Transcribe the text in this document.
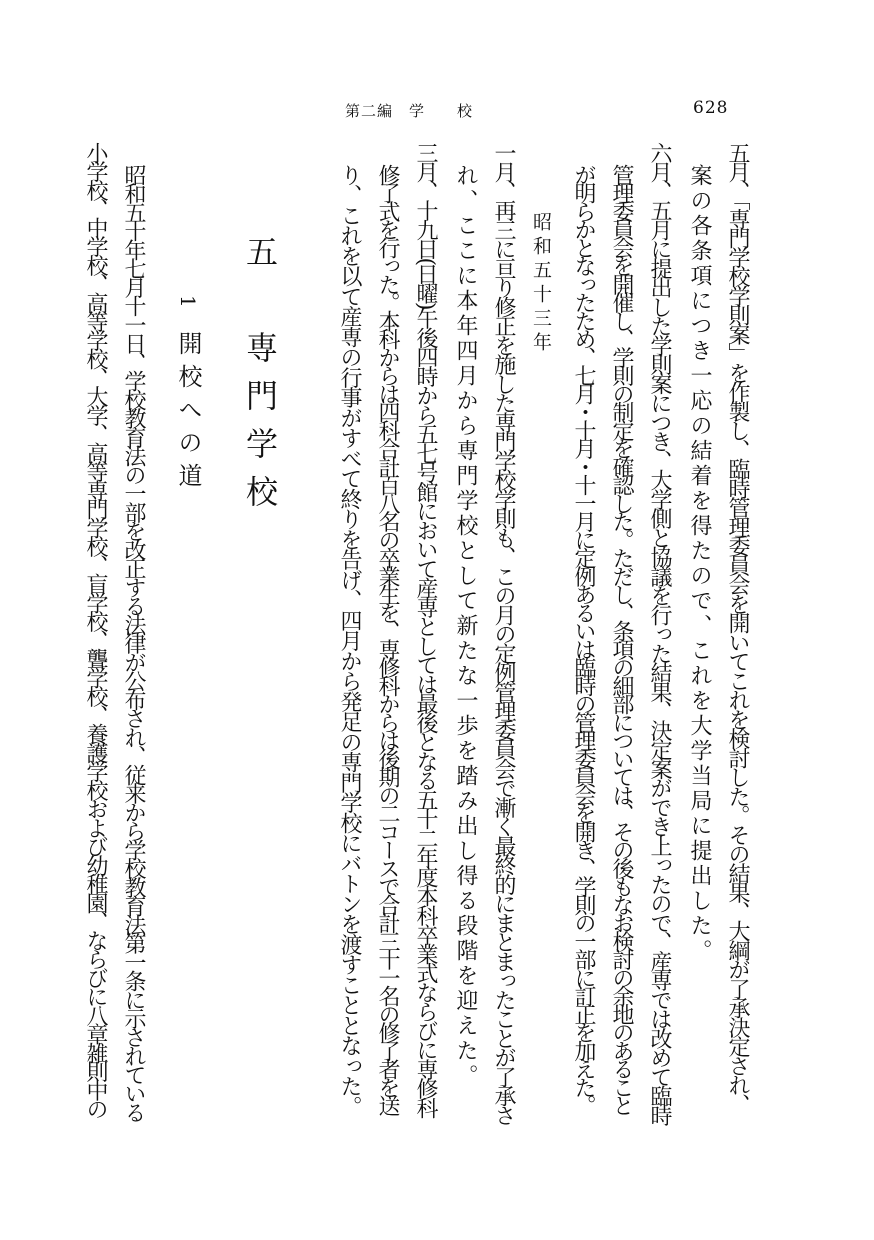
第二編　学　　校	628
五月、「専門学校学則案」を作製し、臨時管理委員会を開いてこれを検討した。その結果、大綱が了承決定され、
案の各条項につき一応の結着を得たので、これを大学当局に提出した。
六月、五月に提出した学則案につき、大学側と協議を行った結果、決定案ができ上ったので、産専では改めて臨時
管理委員会を開催し、学則の制定を確認した。ただし、条項の細部については、その後もなお検討の余地のあること
が明らかとなったため、七月・十月・十一月に定例あるいは臨時の管理委員会を開き、学則の一部に訂正を加えた。
昭和五十三年
一月、再三に亘り修正を施した専門学校学則も、この月の定例管理委員会で漸く最終的にまとまったことが了承さ
れ、ここに本年四月から専門学校として新たな一歩を踏み出し得る段階を迎えた。
三月、十九日(日曜)午後四時から五七号館において産専としては最後となる五十二年度本科卒業式ならびに専修科
修了式を行った。本科からは四科合計百八名の卒業生を、専修科からは後期の二コースで合計三十一名の修了者を送
り、これを以て産専の行事がすべて終りを告げ、四月から発足の専門学校にバトンを渡すこととなった。
五　専門学校
1開校への道
昭和五十年七月十一日、学校教育法の一部を改正する法律が公布され、従来から学校教育法第一条に示されている
小学校、中学校、高等学校、大学、高等専門学校、盲学校、聾学校、養護学校および幼稚園、ならびに八章雑則中の
